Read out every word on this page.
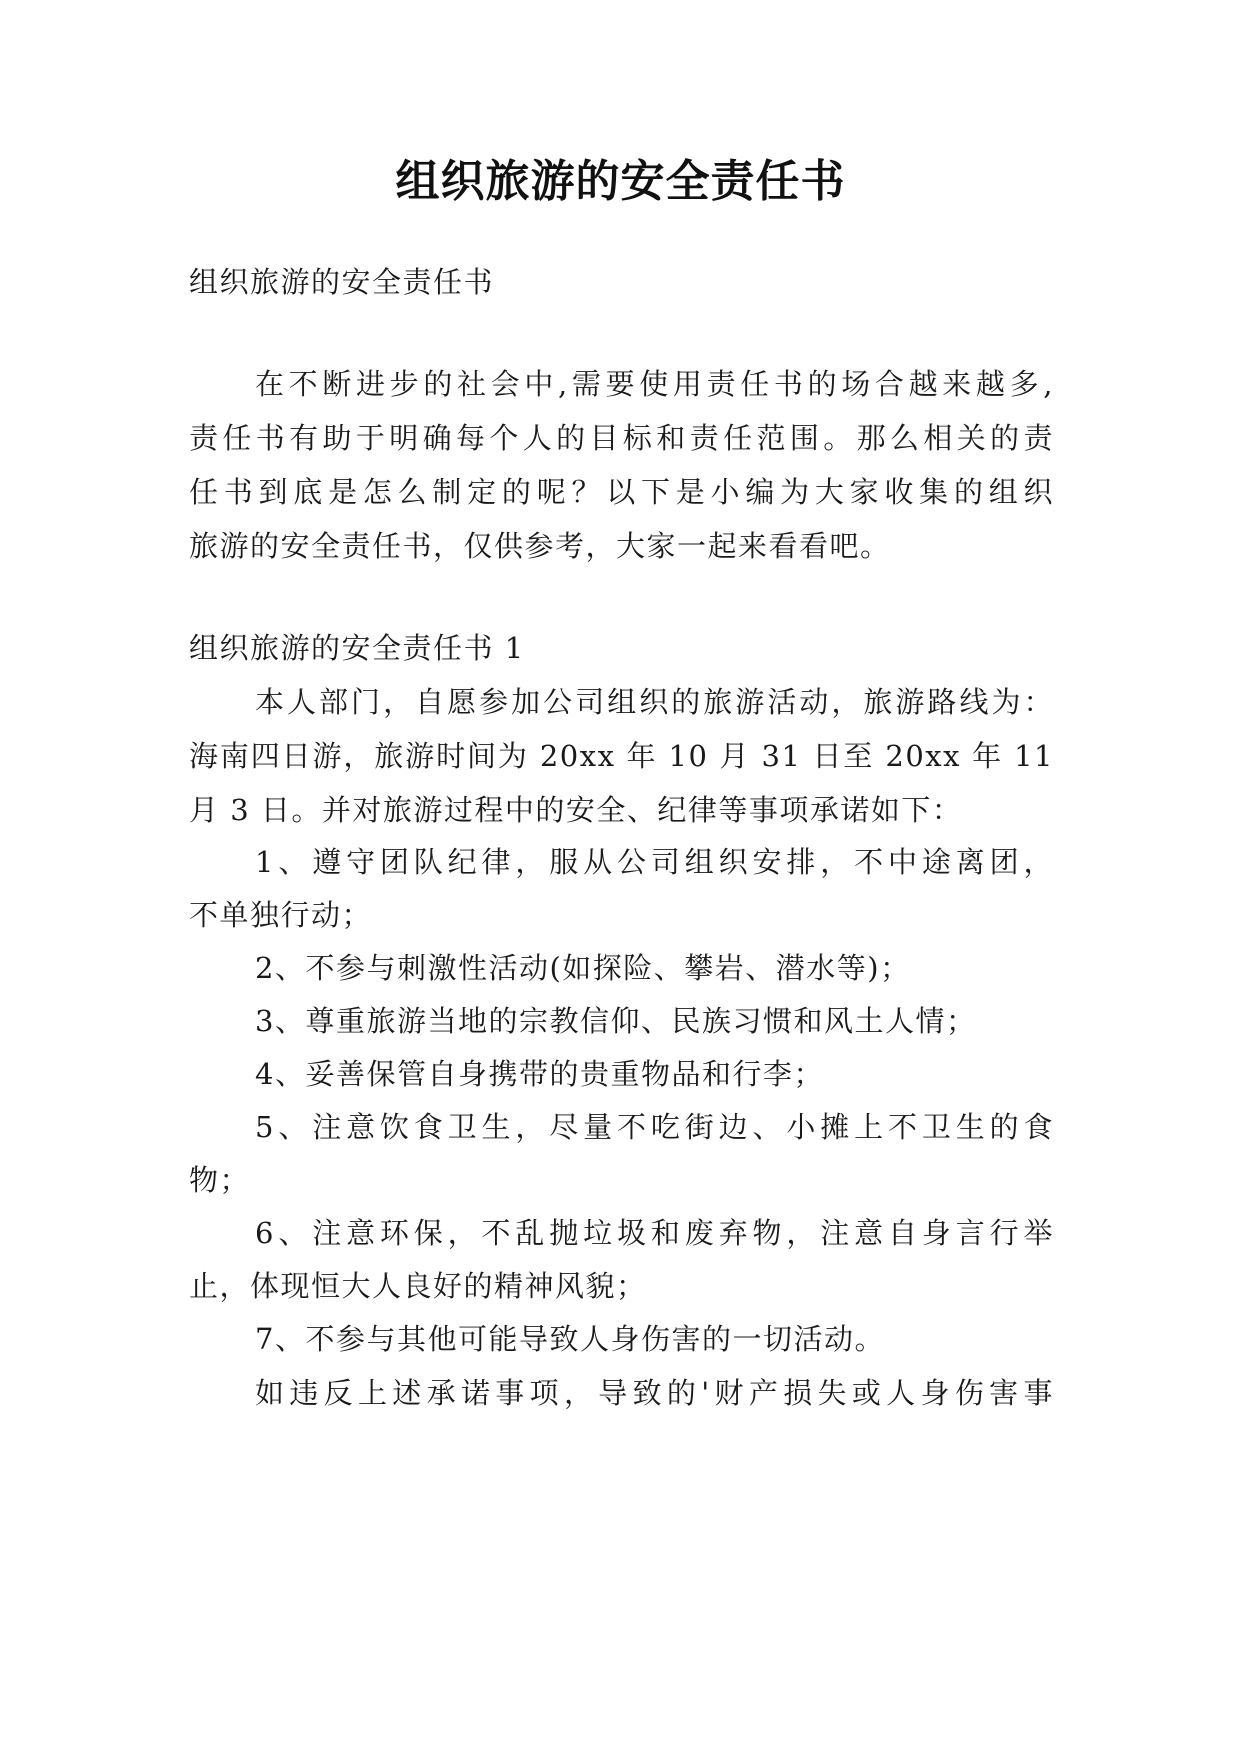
组织旅游的安全责任书
组织旅游的安全责任书
在不断进步的社会中,需要使用责任书的场合越来越多,
责任书有助于明确每个人的目标和责任范围。那么相关的责
任书到底是怎么制定的呢？以下是小编为大家收集的组织
旅游的安全责任书，仅供参考，大家一起来看看吧。
组织旅游的安全责任书 1
本人部门，自愿参加公司组织的旅游活动，旅游路线为：
海南四日游，旅游时间为 20xx 年 10 月 31 日至 20xx 年 11
月 3 日。并对旅游过程中的安全、纪律等事项承诺如下：
1、遵守团队纪律，服从公司组织安排，不中途离团，
不单独行动；
2、不参与刺激性活动(如探险、攀岩、潜水等)；
3、尊重旅游当地的宗教信仰、民族习惯和风土人情；
4、妥善保管自身携带的贵重物品和行李；
5、注意饮食卫生，尽量不吃街边、小摊上不卫生的食
物；
6、注意环保，不乱抛垃圾和废弃物，注意自身言行举
止，体现恒大人良好的精神风貌；
7、不参与其他可能导致人身伤害的一切活动。
如违反上述承诺事项，导致的'财产损失或人身伤害事
